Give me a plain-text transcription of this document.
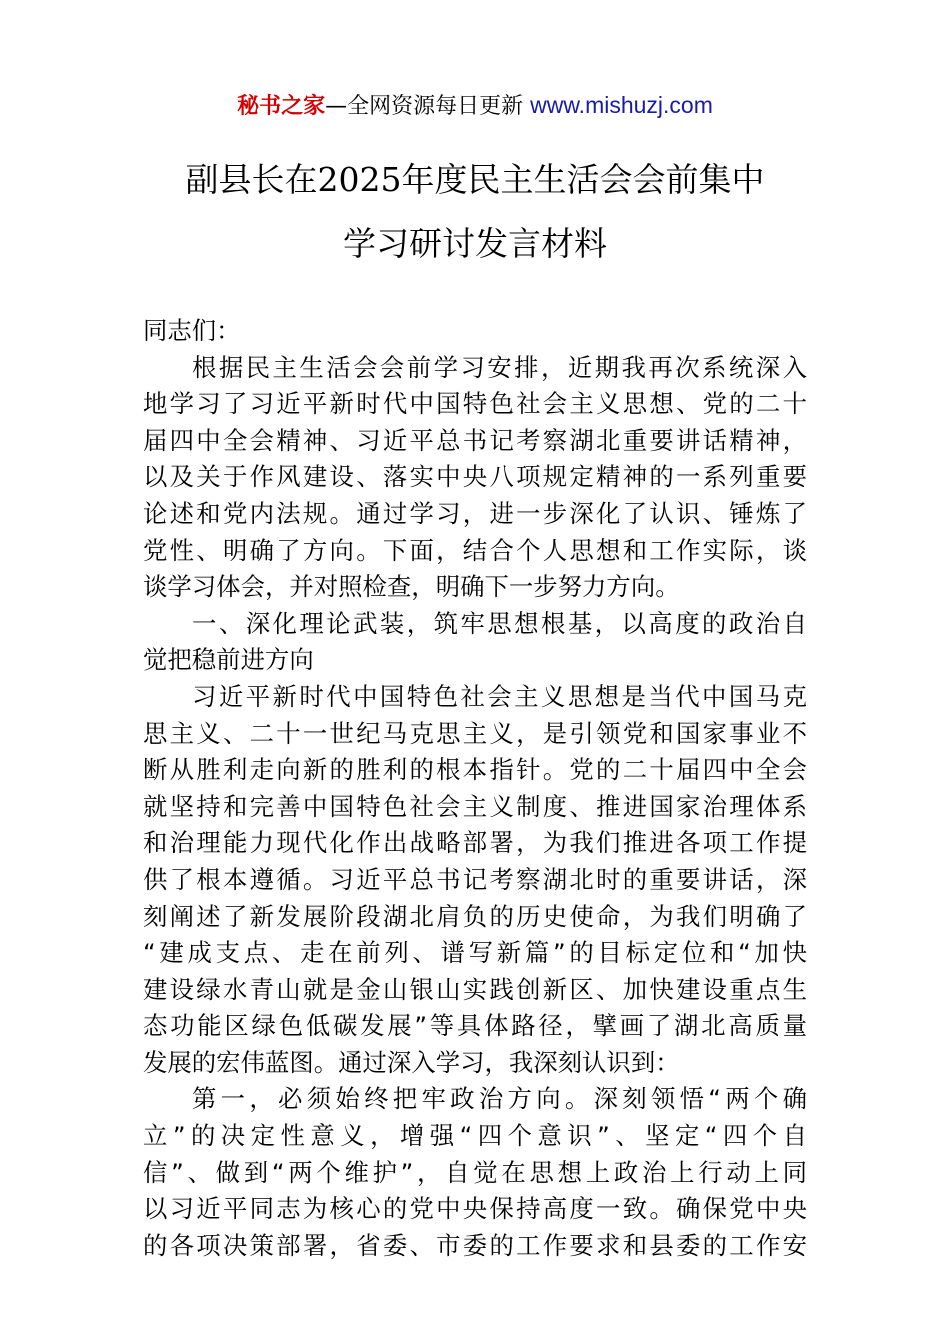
秘书之家—全网资源每日更新 www.mishuzj.com
副县长在2025年度民主生活会会前集中
学习研讨发言材料
同志们：
根据民主生活会会前学习安排，近期我再次系统深入
地学习了习近平新时代中国特色社会主义思想、党的二十
届四中全会精神、习近平总书记考察湖北重要讲话精神，
以及关于作风建设、落实中央八项规定精神的一系列重要
论述和党内法规。通过学习，进一步深化了认识、锤炼了
党性、明确了方向。下面，结合个人思想和工作实际，谈
谈学习体会，并对照检查，明确下一步努力方向。
一、深化理论武装，筑牢思想根基，以高度的政治自
觉把稳前进方向
习近平新时代中国特色社会主义思想是当代中国马克
思主义、二十一世纪马克思主义，是引领党和国家事业不
断从胜利走向新的胜利的根本指针。党的二十届四中全会
就坚持和完善中国特色社会主义制度、推进国家治理体系
和治理能力现代化作出战略部署，为我们推进各项工作提
供了根本遵循。习近平总书记考察湖北时的重要讲话，深
刻阐述了新发展阶段湖北肩负的历史使命，为我们明确了
“建成支点、走在前列、谱写新篇”的目标定位和“加快
建设绿水青山就是金山银山实践创新区、加快建设重点生
态功能区绿色低碳发展”等具体路径，擘画了湖北高质量
发展的宏伟蓝图。通过深入学习，我深刻认识到：
第一，必须始终把牢政治方向。深刻领悟“两个确
立”的决定性意义，增强“四个意识”、坚定“四个自
信”、做到“两个维护”，自觉在思想上政治上行动上同
以习近平同志为核心的党中央保持高度一致。确保党中央
的各项决策部署，省委、市委的工作要求和县委的工作安
